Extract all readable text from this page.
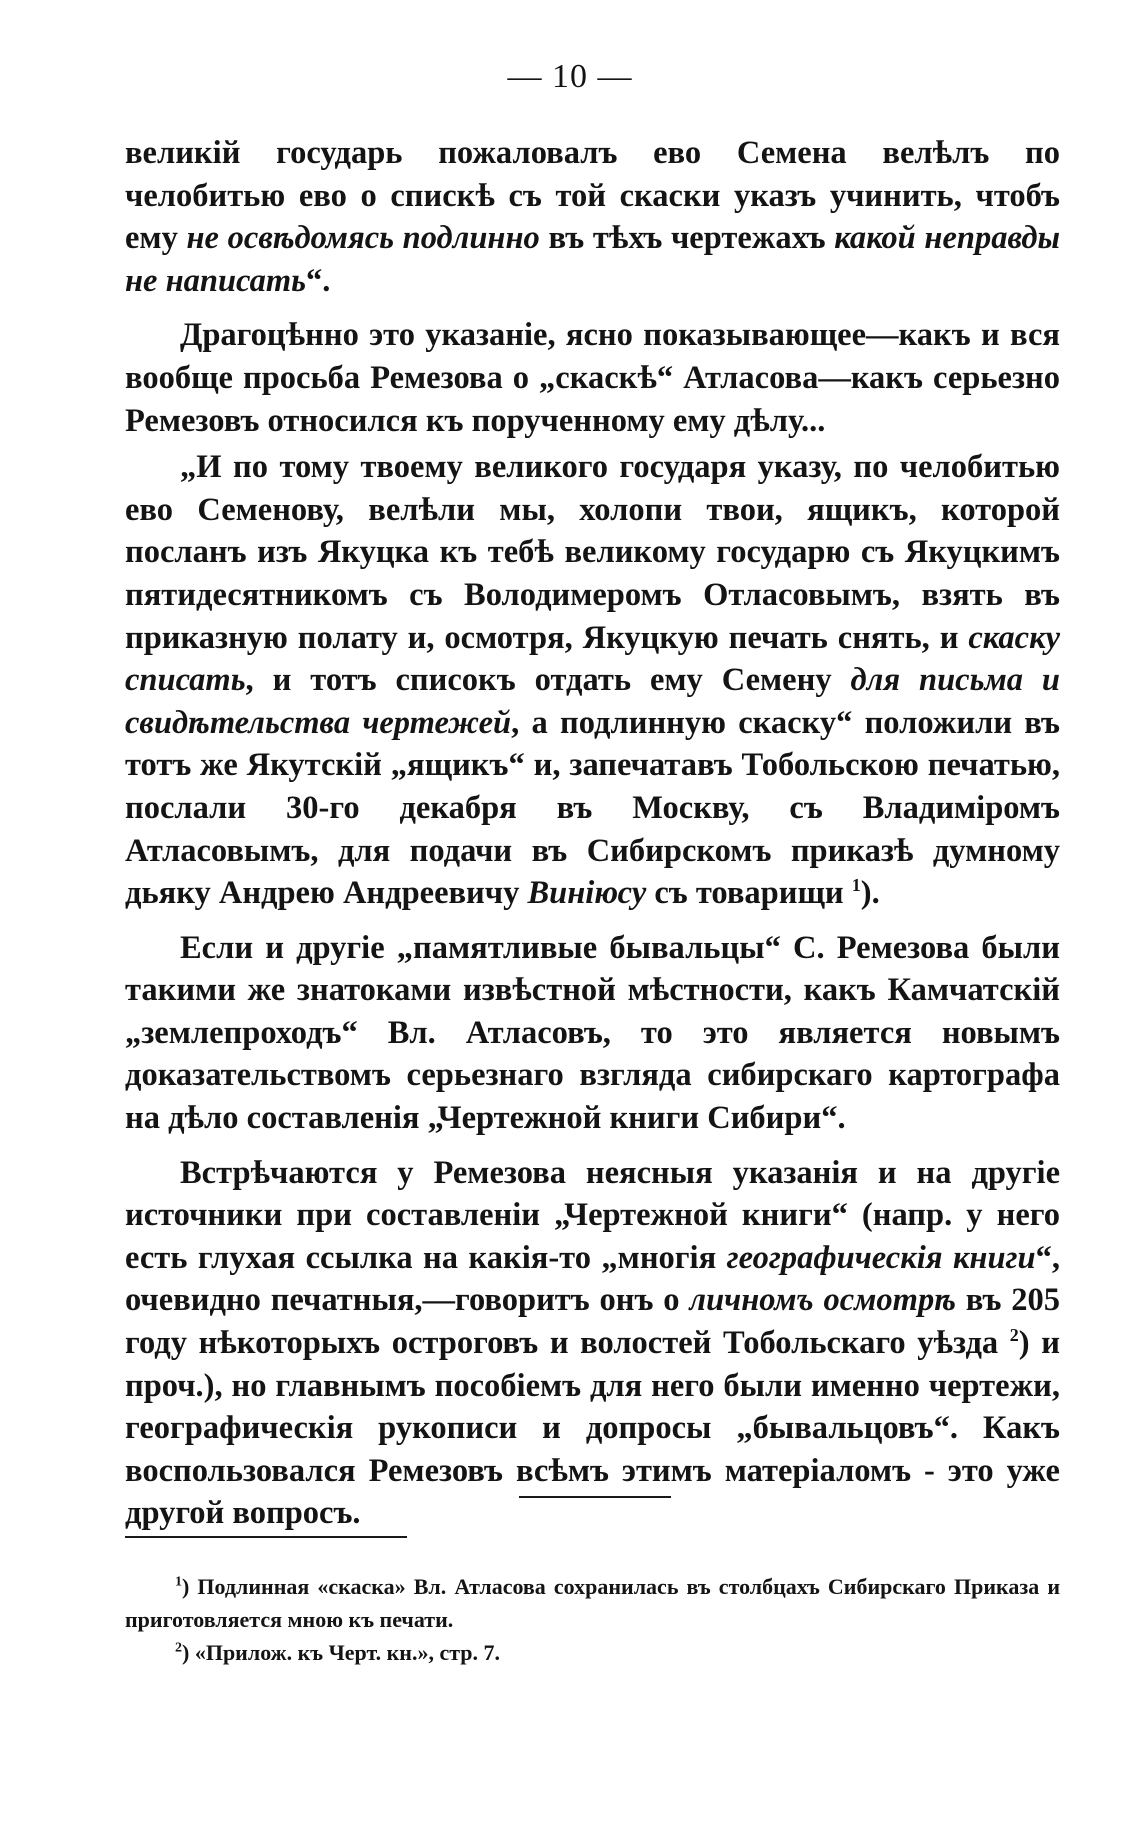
— 10 —

великій государь пожаловалъ ево Семена велѣлъ по челобитью ево о спискѣ съ той скаски указъ учинить, чтобъ ему не освѣдомясь подлинно въ тѣхъ чертежахъ какой неправды не написать“.

Драгоцѣнно это указаніе, ясно показывающее—какъ и вся вообще просьба Ремезова о „скаскѣ“ Атласова—какъ серьезно Ремезовъ относился къ порученному ему дѣлу...

„И по тому твоему великого государя указу, по челобитью ево Семенову, велѣли мы, холопи твои, ящикъ, которой посланъ изъ Якуцка къ тебѣ великому государю съ Якуцкимъ пятидесятникомъ съ Володимеромъ Отласовымъ, взять въ приказную полату и, осмотря, Якуцкую печать снять, и скаску списать, и тотъ списокъ отдать ему Семену для письма и свидѣтельства чертежей, а подлинную скаску“ положили въ тотъ же Якутскій „ящикъ“ и, запечатавъ Тобольскою печатью, послали 30-го декабря въ Москву, съ Владиміромъ Атласовымъ, для подачи въ Сибирскомъ приказѣ думному дьяку Андрею Андреевичу Виніюсу съ товарищи $^1$).

Если и другіе „памятливые бывальцы“ С. Ремезова были такими же знатоками извѣстной мѣстности, какъ Камчатскій „землепроходъ“ Вл. Атласовъ, то это является новымъ доказательствомъ серьезнаго взгляда сибирскаго картографа на дѣло составленія „Чертежной книги Сибири“.

Встрѣчаются у Ремезова неясныя указанія и на другіе источники при составленіи „Чертежной книги“ (напр. у него есть глухая ссылка на какія-то „многія географическія книги“, очевидно печатныя,—говоритъ онъ о личномъ осмотрѣ въ 205 году нѣкоторыхъ остроговъ и волостей Тобольскаго уѣзда $^2$) и проч.), но главнымъ пособіемъ для него были именно чертежи, географическія рукописи и допросы „бывальцовъ“. Какъ воспользовался Ремезовъ всѣмъ этимъ матеріаломъ - это уже другой вопросъ.

$^1$) Подлинная «скаска» Вл. Атласова сохранилась въ столбцахъ Сибирскаго Приказа и приготовляется мною къ печати.

$^2$) «Прилож. къ Черт. кн.», стр. 7.
